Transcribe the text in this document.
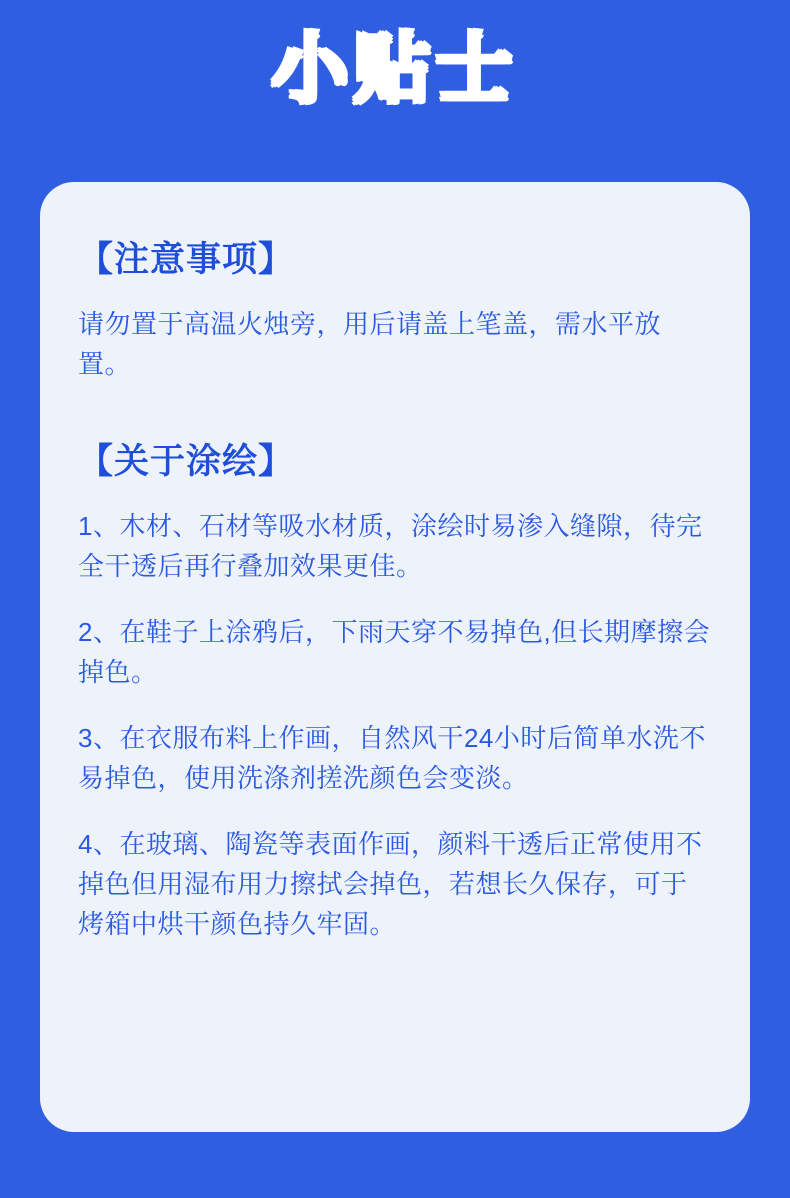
小贴士
【注意事项】

请勿置于高温火烛旁，用后请盖上笔盖，需水平放置。

【关于涂绘】

1、木材、石材等吸水材质，涂绘时易渗入缝隙，待完全干透后再行叠加效果更佳。

2、在鞋子上涂鸦后，下雨天穿不易掉色,但长期摩擦会掉色。

3、在衣服布料上作画，自然风干24小时后简单水洗不易掉色，使用洗涤剂搓洗颜色会变淡。

4、在玻璃、陶瓷等表面作画，颜料干透后正常使用不掉色但用湿布用力擦拭会掉色，若想长久保存，可于烤箱中烘干颜色持久牢固。
